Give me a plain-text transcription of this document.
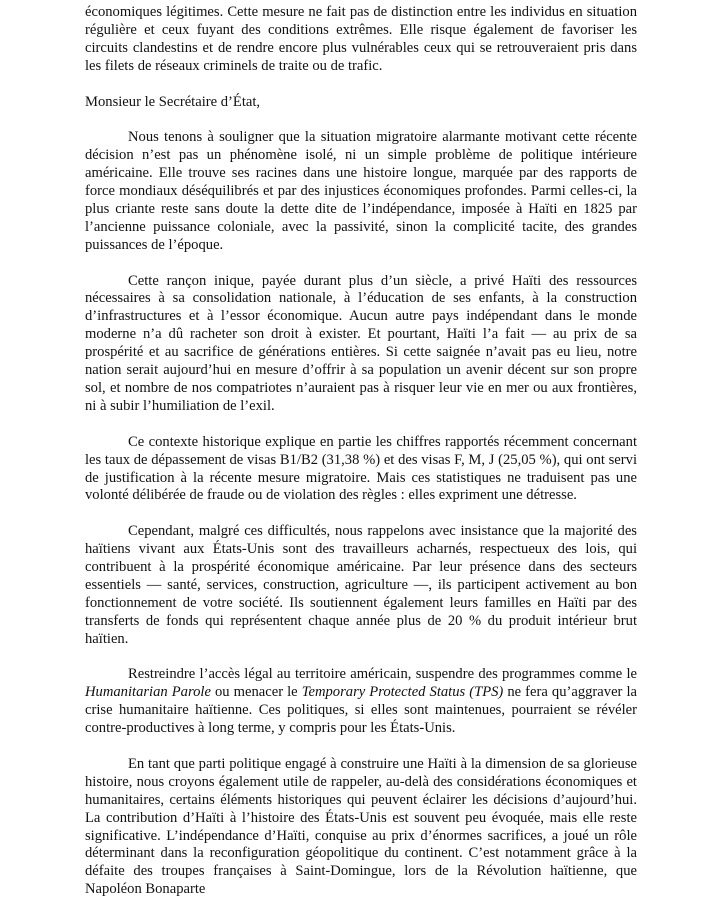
économiques légitimes. Cette mesure ne fait pas de distinction entre les individus en situation régulière et ceux fuyant des conditions extrêmes. Elle risque également de favoriser les circuits clandestins et de rendre encore plus vulnérables ceux qui se retrouveraient pris dans les filets de réseaux criminels de traite ou de trafic.

Monsieur le Secrétaire d’État,

Nous tenons à souligner que la situation migratoire alarmante motivant cette récente décision n’est pas un phénomène isolé, ni un simple problème de politique intérieure américaine. Elle trouve ses racines dans une histoire longue, marquée par des rapports de force mondiaux déséquilibrés et par des injustices économiques profondes. Parmi celles-ci, la plus criante reste sans doute la dette dite de l’indépendance, imposée à Haïti en 1825 par l’ancienne puissance coloniale, avec la passivité, sinon la complicité tacite, des grandes puissances de l’époque.

Cette rançon inique, payée durant plus d’un siècle, a privé Haïti des ressources nécessaires à sa consolidation nationale, à l’éducation de ses enfants, à la construction d’infrastructures et à l’essor économique. Aucun autre pays indépendant dans le monde moderne n’a dû racheter son droit à exister. Et pourtant, Haïti l’a fait — au prix de sa prospérité et au sacrifice de générations entières. Si cette saignée n’avait pas eu lieu, notre nation serait aujourd’hui en mesure d’offrir à sa population un avenir décent sur son propre sol, et nombre de nos compatriotes n’auraient pas à risquer leur vie en mer ou aux frontières, ni à subir l’humiliation de l’exil.

Ce contexte historique explique en partie les chiffres rapportés récemment concernant les taux de dépassement de visas B1/B2 (31,38 %) et des visas F, M, J (25,05 %), qui ont servi de justification à la récente mesure migratoire. Mais ces statistiques ne traduisent pas une volonté délibérée de fraude ou de violation des règles : elles expriment une détresse.

Cependant, malgré ces difficultés, nous rappelons avec insistance que la majorité des haïtiens vivant aux États-Unis sont des travailleurs acharnés, respectueux des lois, qui contribuent à la prospérité économique américaine. Par leur présence dans des secteurs essentiels — santé, services, construction, agriculture —, ils participent activement au bon fonctionnement de votre société. Ils soutiennent également leurs familles en Haïti par des transferts de fonds qui représentent chaque année plus de 20 % du produit intérieur brut haïtien.

Restreindre l’accès légal au territoire américain, suspendre des programmes comme le Humanitarian Parole ou menacer le Temporary Protected Status (TPS) ne fera qu’aggraver la crise humanitaire haïtienne. Ces politiques, si elles sont maintenues, pourraient se révéler contre-productives à long terme, y compris pour les États-Unis.

En tant que parti politique engagé à construire une Haïti à la dimension de sa glorieuse histoire, nous croyons également utile de rappeler, au-delà des considérations économiques et humanitaires, certains éléments historiques qui peuvent éclairer les décisions d’aujourd’hui. La contribution d’Haïti à l’histoire des États-Unis est souvent peu évoquée, mais elle reste significative. L’indépendance d’Haïti, conquise au prix d’énormes sacrifices, a joué un rôle déterminant dans la reconfiguration géopolitique du continent. C’est notamment grâce à la défaite des troupes françaises à Saint-Domingue, lors de la Révolution haïtienne, que Napoléon Bonaparte
